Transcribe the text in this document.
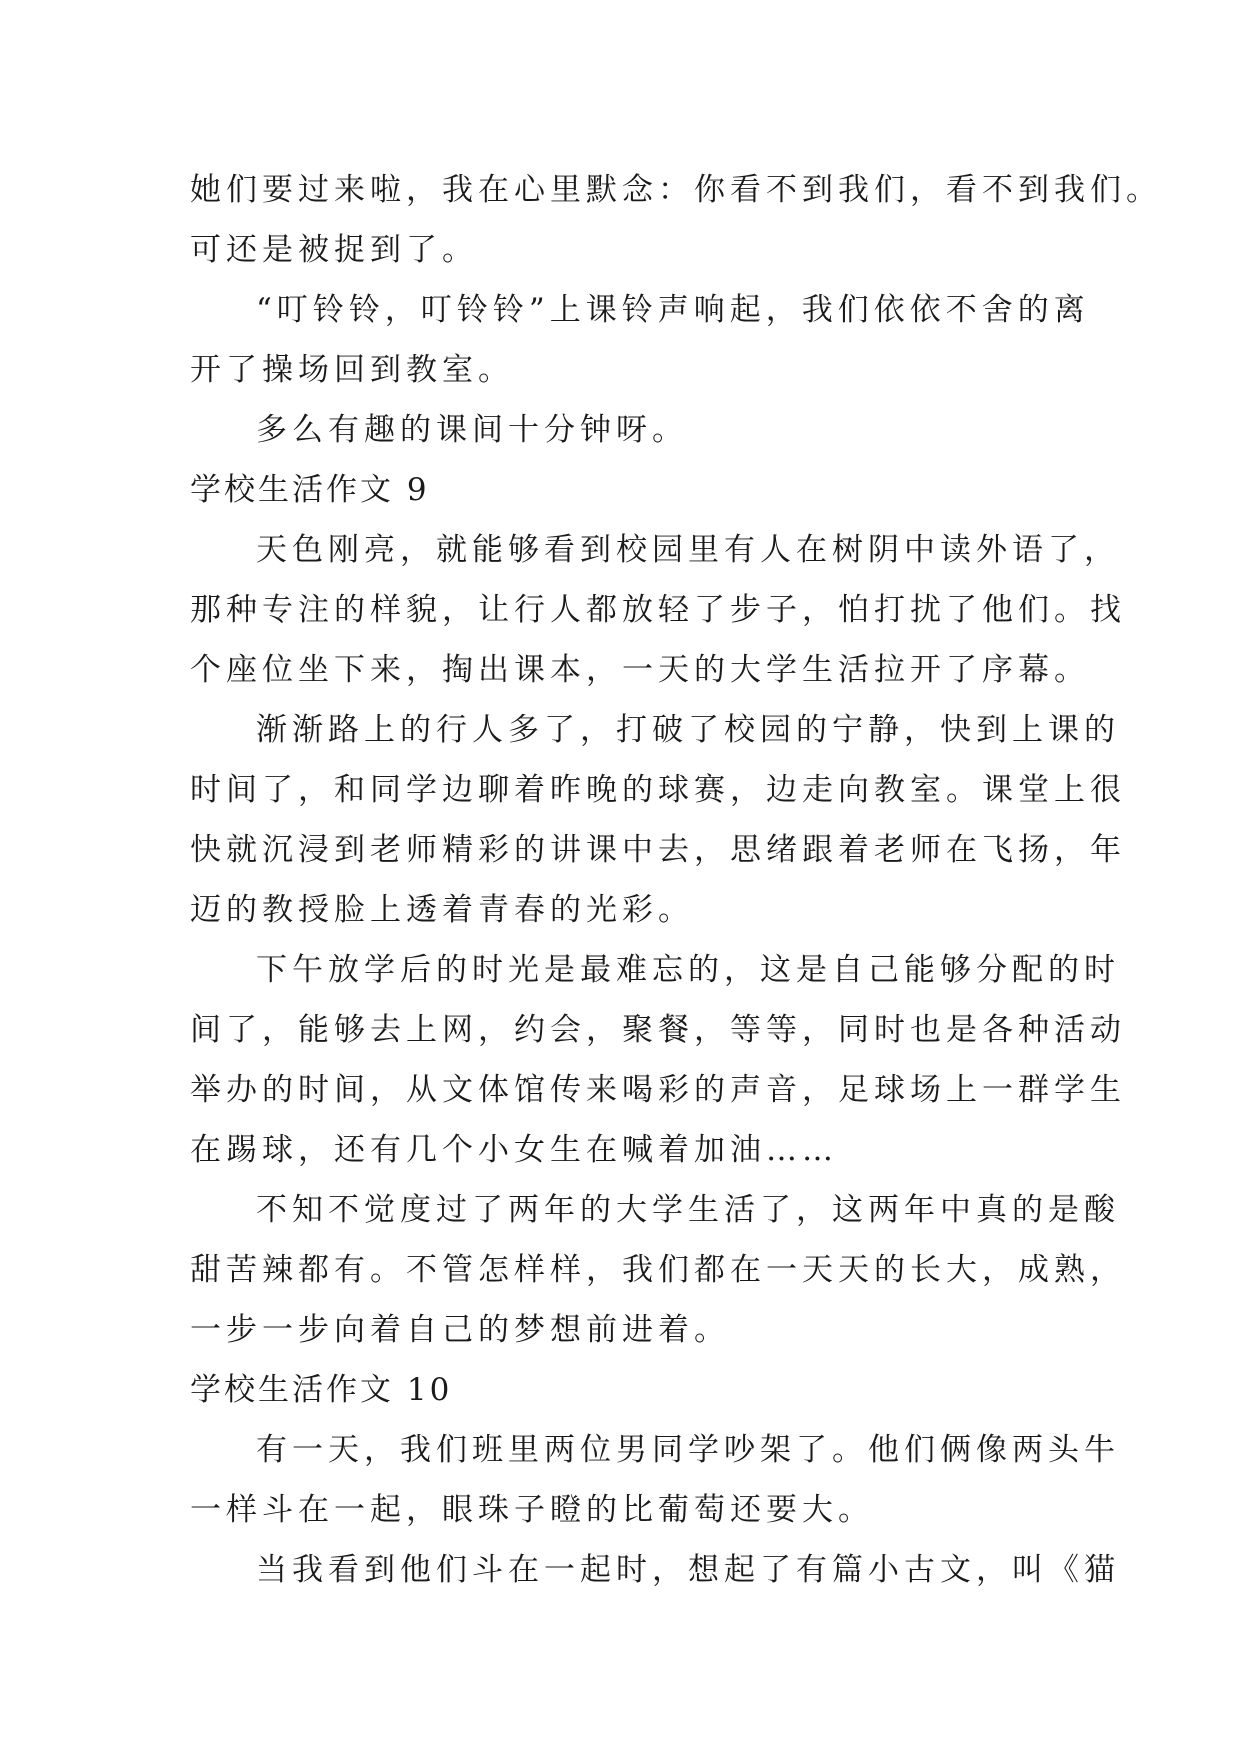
她们要过来啦，我在心里默念：你看不到我们，看不到我们。
可还是被捉到了。
“叮铃铃，叮铃铃”上课铃声响起，我们依依不舍的离
开了操场回到教室。
多么有趣的课间十分钟呀。
学校生活作文 9
天色刚亮，就能够看到校园里有人在树阴中读外语了，
那种专注的样貌，让行人都放轻了步子，怕打扰了他们。找
个座位坐下来，掏出课本，一天的大学生活拉开了序幕。
渐渐路上的行人多了，打破了校园的宁静，快到上课的
时间了，和同学边聊着昨晚的球赛，边走向教室。课堂上很
快就沉浸到老师精彩的讲课中去，思绪跟着老师在飞扬，年
迈的教授脸上透着青春的光彩。
下午放学后的时光是最难忘的，这是自己能够分配的时
间了，能够去上网，约会，聚餐，等等，同时也是各种活动
举办的时间，从文体馆传来喝彩的声音，足球场上一群学生
在踢球，还有几个小女生在喊着加油……
不知不觉度过了两年的大学生活了，这两年中真的是酸
甜苦辣都有。不管怎样样，我们都在一天天的长大，成熟，
一步一步向着自己的梦想前进着。
学校生活作文 10
有一天，我们班里两位男同学吵架了。他们俩像两头牛
一样斗在一起，眼珠子瞪的比葡萄还要大。
当我看到他们斗在一起时，想起了有篇小古文，叫《猫
